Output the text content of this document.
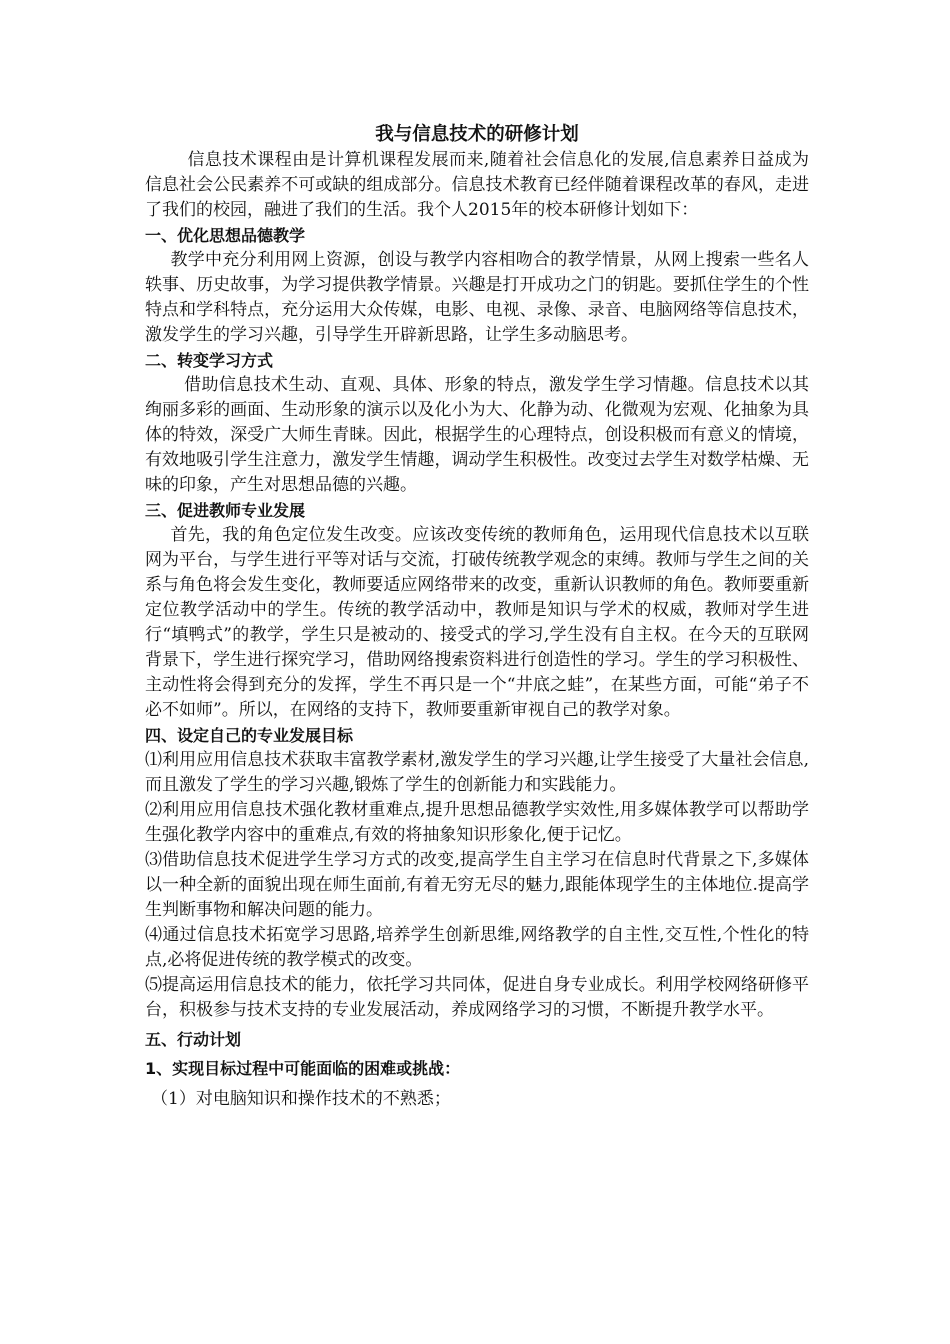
我与信息技术的研修计划

信息技术课程由是计算机课程发展而来,随着社会信息化的发展,信息素养日益成为信息社会公民素养不可或缺的组成部分。信息技术教育已经伴随着课程改革的春风，走进了我们的校园，融进了我们的生活。我个人2015年的校本研修计划如下：

一、优化思想品德教学

教学中充分利用网上资源，创设与教学内容相吻合的教学情景，从网上搜索一些名人轶事、历史故事，为学习提供教学情景。兴趣是打开成功之门的钥匙。要抓住学生的个性特点和学科特点，充分运用大众传媒，电影、电视、录像、录音、电脑网络等信息技术，激发学生的学习兴趣，引导学生开辟新思路，让学生多动脑思考。

二、转变学习方式

借助信息技术生动、直观、具体、形象的特点，激发学生学习情趣。信息技术以其绚丽多彩的画面、生动形象的演示以及化小为大、化静为动、化微观为宏观、化抽象为具体的特效，深受广大师生青睐。因此，根据学生的心理特点，创设积极而有意义的情境，有效地吸引学生注意力，激发学生情趣，调动学生积极性。改变过去学生对数学枯燥、无味的印象，产生对思想品德的兴趣。

三、促进教师专业发展

首先，我的角色定位发生改变。应该改变传统的教师角色，运用现代信息技术以互联网为平台，与学生进行平等对话与交流，打破传统教学观念的束缚。教师与学生之间的关系与角色将会发生变化，教师要适应网络带来的改变，重新认识教师的角色。教师要重新定位教学活动中的学生。传统的教学活动中，教师是知识与学术的权威，教师对学生进行“填鸭式”的教学，学生只是被动的、接受式的学习,学生没有自主权。在今天的互联网背景下，学生进行探究学习，借助网络搜索资料进行创造性的学习。学生的学习积极性、主动性将会得到充分的发挥，学生不再只是一个“井底之蛙”，在某些方面，可能“弟子不必不如师”。所以，在网络的支持下，教师要重新审视自己的教学对象。

四、设定自己的专业发展目标

⑴利用应用信息技术获取丰富教学素材,激发学生的学习兴趣,让学生接受了大量社会信息,而且激发了学生的学习兴趣,锻炼了学生的创新能力和实践能力。

⑵利用应用信息技术强化教材重难点,提升思想品德教学实效性,用多媒体教学可以帮助学生强化教学内容中的重难点,有效的将抽象知识形象化,便于记忆。

⑶借助信息技术促进学生学习方式的改变,提高学生自主学习在信息时代背景之下,多媒体以一种全新的面貌出现在师生面前,有着无穷无尽的魅力,跟能体现学生的主体地位.提高学生判断事物和解决问题的能力。

⑷通过信息技术拓宽学习思路,培养学生创新思维,网络教学的自主性,交互性,个性化的特点,必将促进传统的教学模式的改变。

⑸提高运用信息技术的能力，依托学习共同体，促进自身专业成长。利用学校网络研修平台，积极参与技术支持的专业发展活动，养成网络学习的习惯，不断提升教学水平。

五、行动计划

1、实现目标过程中可能面临的困难或挑战：

（1）对电脑知识和操作技术的不熟悉；
